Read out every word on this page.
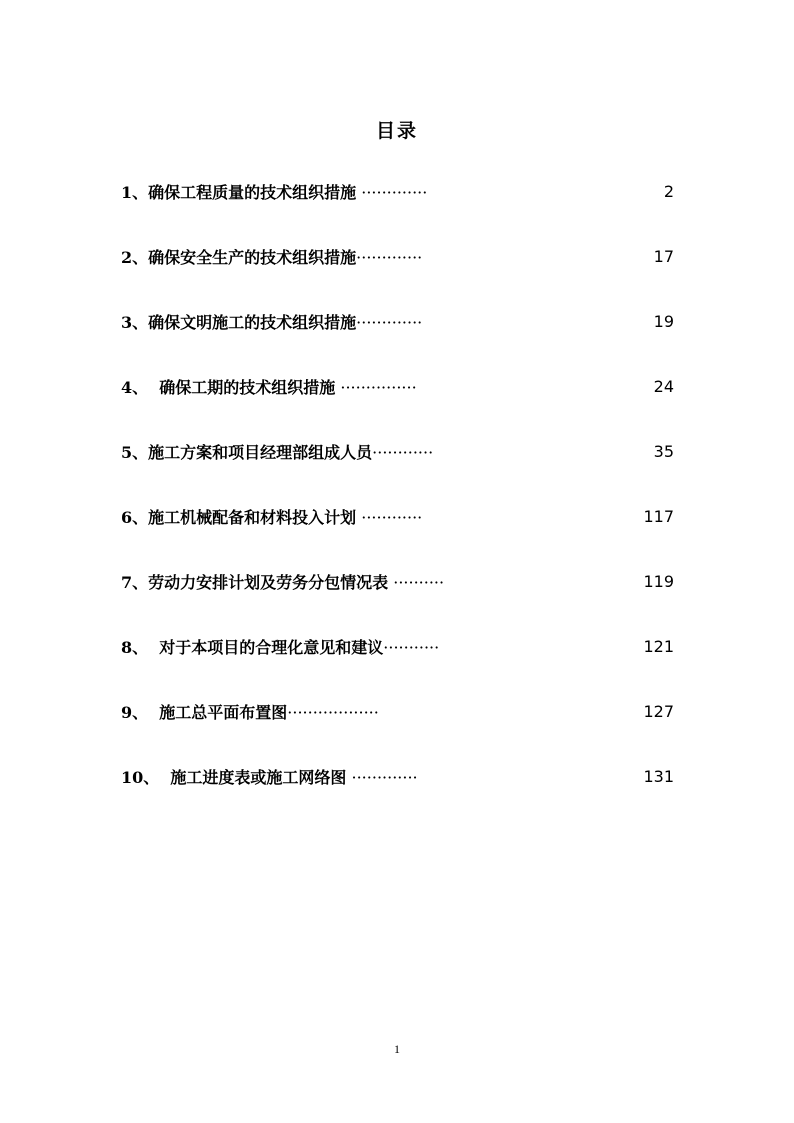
目录
1、确保工程质量的技术组织措施 ·············	2
2、确保安全生产的技术组织措施·············	17
3、确保文明施工的技术组织措施·············	19
4、  确保工期的技术组织措施 ···············	24
5、施工方案和项目经理部组成人员············	35
6、施工机械配备和材料投入计划 ············	117
7、劳动力安排计划及劳务分包情况表 ··········	119
8、  对于本项目的合理化意见和建议···········	121
9、  施工总平面布置图··················	127
10、  施工进度表或施工网络图 ·············	131
1
